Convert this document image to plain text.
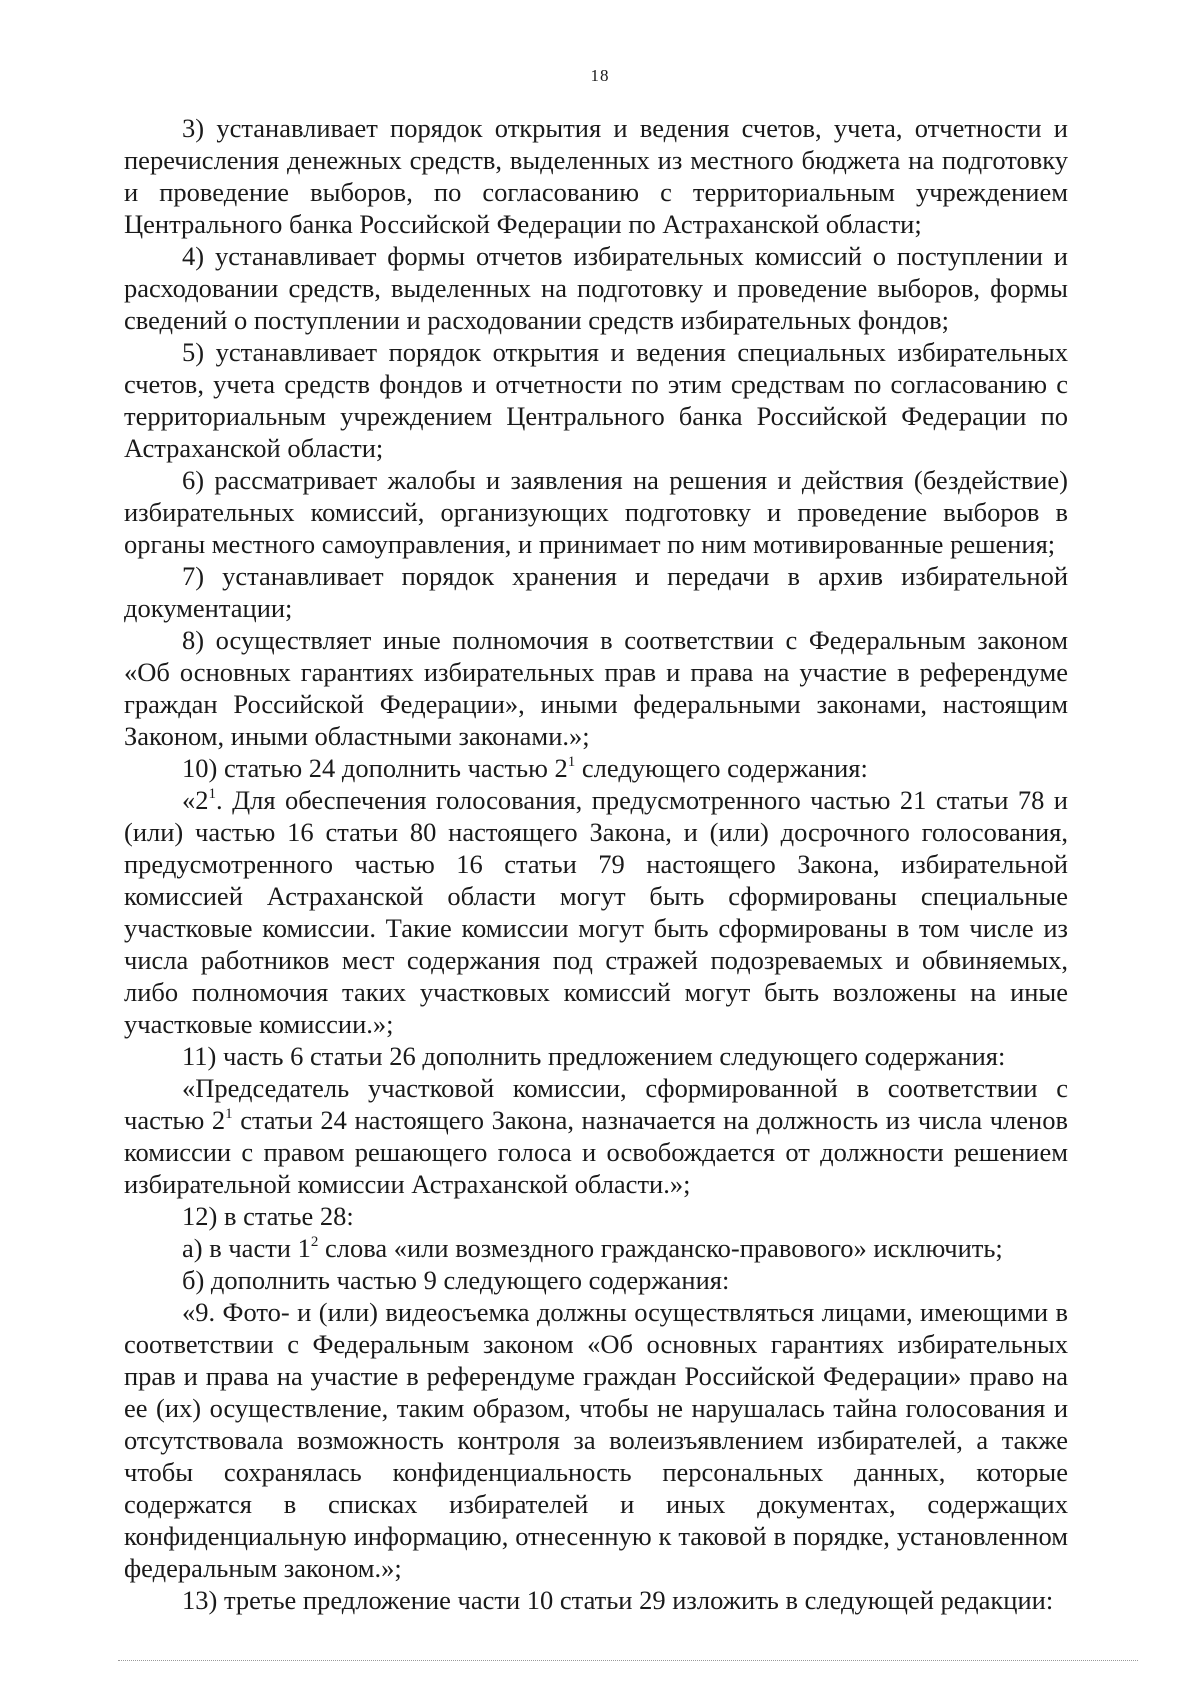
18

3) устанавливает порядок открытия и ведения счетов, учета, отчетности и перечисления денежных средств, выделенных из местного бюджета на подготовку и проведение выборов, по согласованию с территориальным учреждением Центрального банка Российской Федерации по Астраханской области;

4) устанавливает формы отчетов избирательных комиссий о поступлении и расходовании средств, выделенных на подготовку и проведение выборов, формы сведений о поступлении и расходовании средств избирательных фондов;

5) устанавливает порядок открытия и ведения специальных избирательных счетов, учета средств фондов и отчетности по этим средствам по согласованию с территориальным учреждением Центрального банка Российской Федерации по Астраханской области;

6) рассматривает жалобы и заявления на решения и действия (бездействие) избирательных комиссий, организующих подготовку и проведение выборов в органы местного самоуправления, и принимает по ним мотивированные решения;

7) устанавливает порядок хранения и передачи в архив избирательной документации;

8) осуществляет иные полномочия в соответствии с Федеральным законом «Об основных гарантиях избирательных прав и права на участие в референдуме граждан Российской Федерации», иными федеральными законами, настоящим Законом, иными областными законами.»;

10) статью 24 дополнить частью $2^1$ следующего содержания:

«$2^1$. Для обеспечения голосования, предусмотренного частью 21 статьи 78 и (или) частью 16 статьи 80 настоящего Закона, и (или) досрочного голосования, предусмотренного частью 16 статьи 79 настоящего Закона, избирательной комиссией Астраханской области могут быть сформированы специальные участковые комиссии. Такие комиссии могут быть сформированы в том числе из числа работников мест содержания под стражей подозреваемых и обвиняемых, либо полномочия таких участковых комиссий могут быть возложены на иные участковые комиссии.»;

11) часть 6 статьи 26 дополнить предложением следующего содержания:

«Председатель участковой комиссии, сформированной в соответствии с частью $2^1$ статьи 24 настоящего Закона, назначается на должность из числа членов комиссии с правом решающего голоса и освобождается от должности решением избирательной комиссии Астраханской области.»;

12) в статье 28:

а) в части $1^2$ слова «или возмездного гражданско-правового» исключить;

б) дополнить частью 9 следующего содержания:

«9. Фото- и (или) видеосъемка должны осуществляться лицами, имеющими в соответствии с Федеральным законом «Об основных гарантиях избирательных прав и права на участие в референдуме граждан Российской Федерации» право на ее (их) осуществление, таким образом, чтобы не нарушалась тайна голосования и отсутствовала возможность контроля за волеизъявлением избирателей, а также чтобы сохранялась конфиденциальность персональных данных, которые содержатся в списках избирателей и иных документах, содержащих конфиденциальную информацию, отнесенную к таковой в порядке, установленном федеральным законом.»;

13) третье предложение части 10 статьи 29 изложить в следующей редакции:
